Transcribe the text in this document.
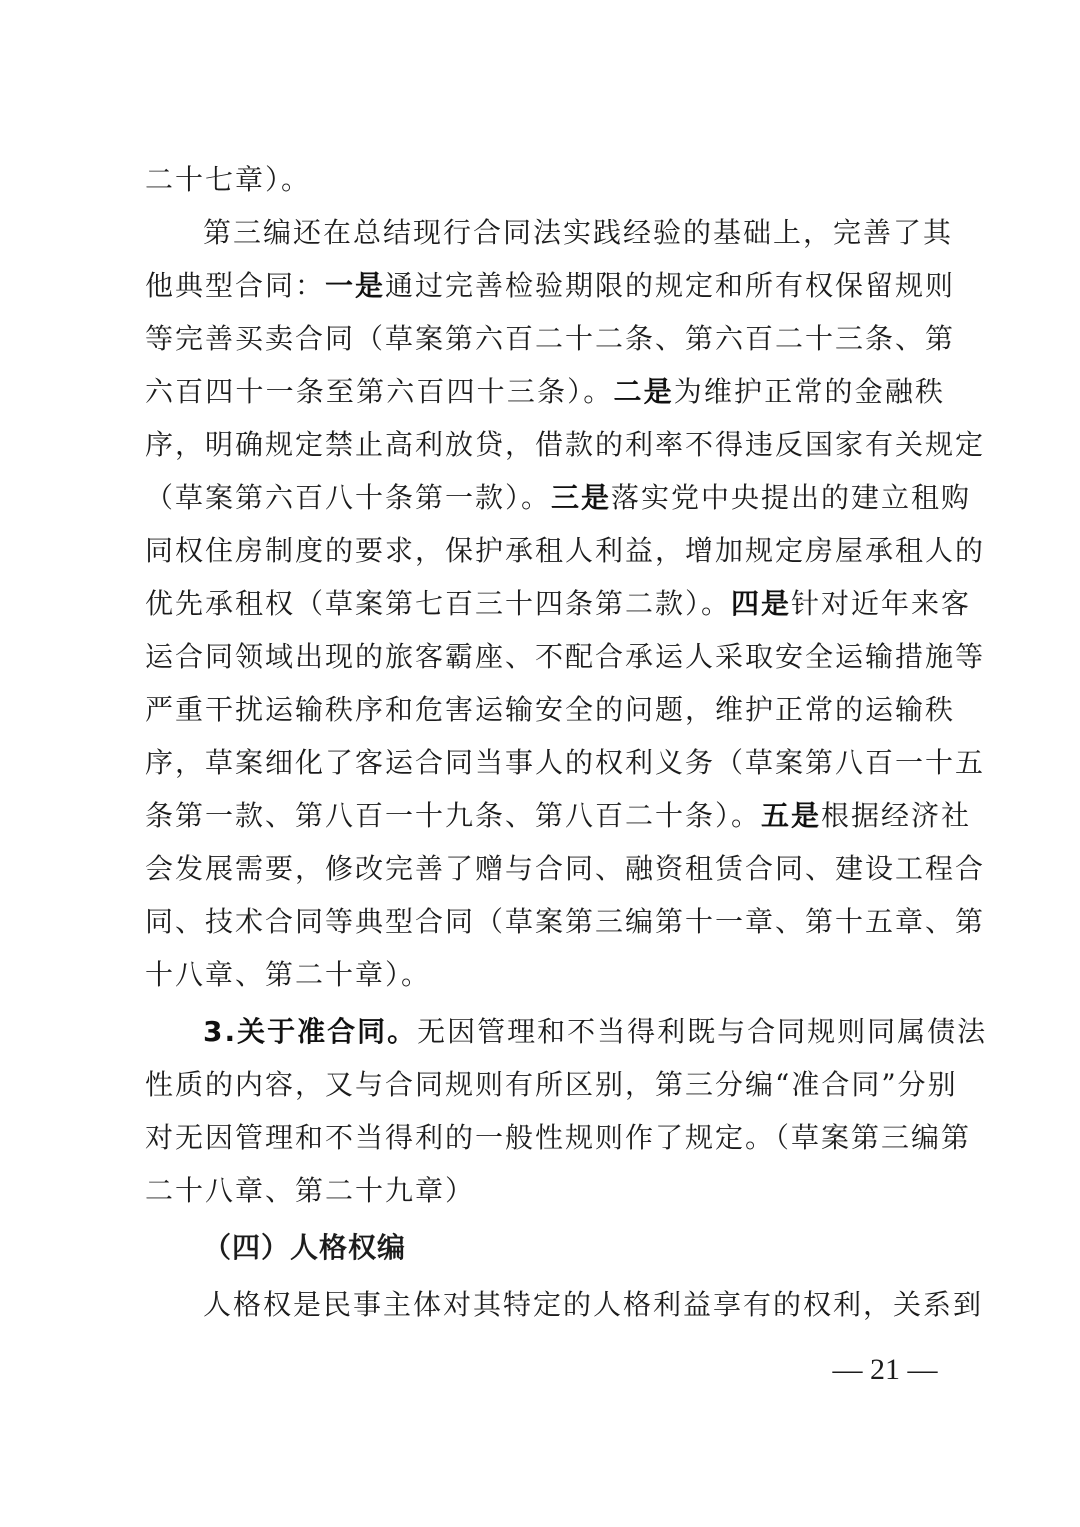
二十七章）。
第三编还在总结现行合同法实践经验的基础上，完善了其
他典型合同：一是通过完善检验期限的规定和所有权保留规则
等完善买卖合同（草案第六百二十二条、第六百二十三条、第
六百四十一条至第六百四十三条）。二是为维护正常的金融秩
序，明确规定禁止高利放贷，借款的利率不得违反国家有关规定
（草案第六百八十条第一款）。三是落实党中央提出的建立租购
同权住房制度的要求，保护承租人利益，增加规定房屋承租人的
优先承租权（草案第七百三十四条第二款）。四是针对近年来客
运合同领域出现的旅客霸座、不配合承运人采取安全运输措施等
严重干扰运输秩序和危害运输安全的问题，维护正常的运输秩
序，草案细化了客运合同当事人的权利义务（草案第八百一十五
条第一款、第八百一十九条、第八百二十条）。五是根据经济社
会发展需要，修改完善了赠与合同、融资租赁合同、建设工程合
同、技术合同等典型合同（草案第三编第十一章、第十五章、第
十八章、第二十章）。
3.关于准合同。无因管理和不当得利既与合同规则同属债法
性质的内容，又与合同规则有所区别，第三分编“准合同”分别
对无因管理和不当得利的一般性规则作了规定。（草案第三编第
二十八章、第二十九章）
（四）人格权编
人格权是民事主体对其特定的人格利益享有的权利，关系到
— 21 —
